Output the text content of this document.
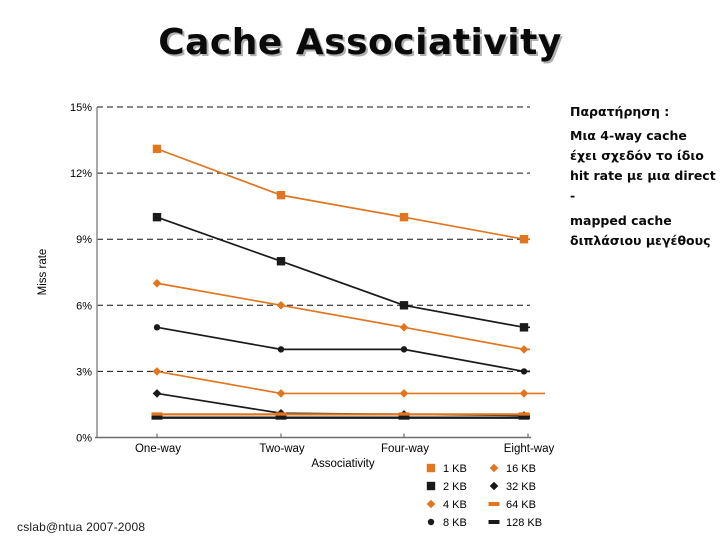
Cache Associativity
15%
12%
9%
6%
3%
0%
One-way	Two-way	Four-way	Eight-way
Associativity
Miss rate
1 KB
2 KB
4 KB
8 KB
16 KB
32 KB
64 KB
128 KB
Παρατήρηση :
Μια 4-way cache
έχει σχεδόν το ίδιο
hit rate με μια direct
-
mapped cache
διπλάσιου μεγέθους
cslab@ntua 2007-2008
